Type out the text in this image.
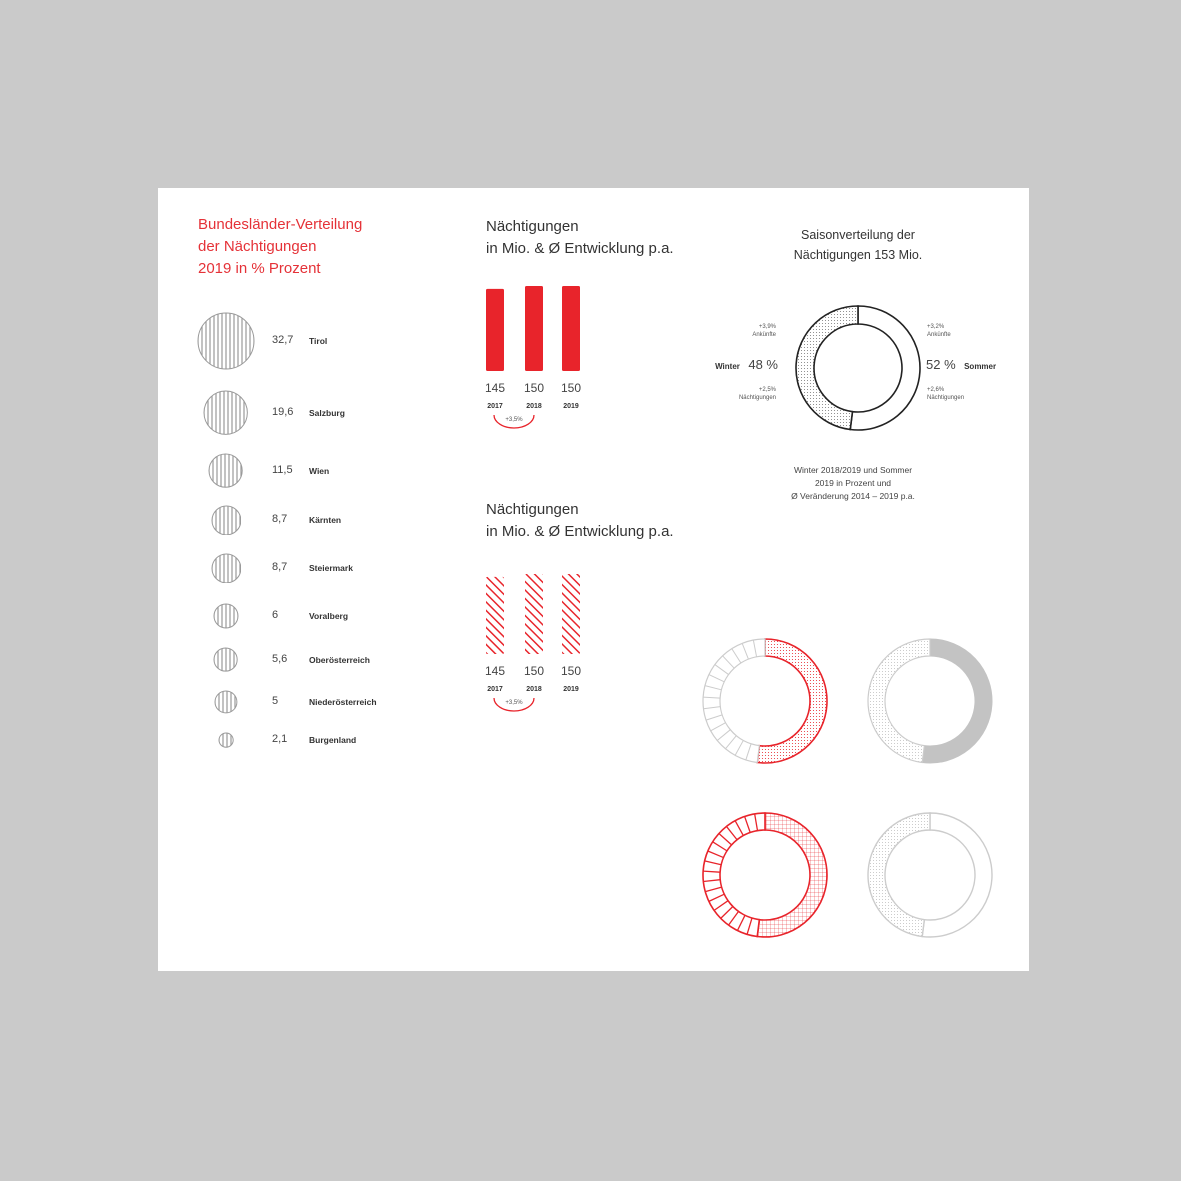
Bundesländer-Verteilung
der Nächtigungen
2019 in % Prozent
32,7 Tirol
19,6 Salzburg
11,5 Wien
8,7	Kärnten
8,7	Steiermark
6	Voralberg
5,6	Oberösterreich
5	Niederösterreich
2,1	Burgenland
Nächtigungen
in Mio. & Ø Entwicklung p.a.
145
2017
150
2018
150
2019
+3,5%
Nächtigungen
in Mio. & Ø Entwicklung p.a.
145
2017
150
2018
150
2019
+3,5%
Saisonverteilung der
Nächtigungen 153 Mio.
+3,9%
Ankünfte
Winter 48 %
+2,5%
Nächtigungen
+3,2%
Ankünfte
52 % Sommer
+2,6%
Nächtigungen
Winter 2018/2019 und Sommer
2019 in Prozent und
Ø Veränderung 2014 – 2019 p.a.
